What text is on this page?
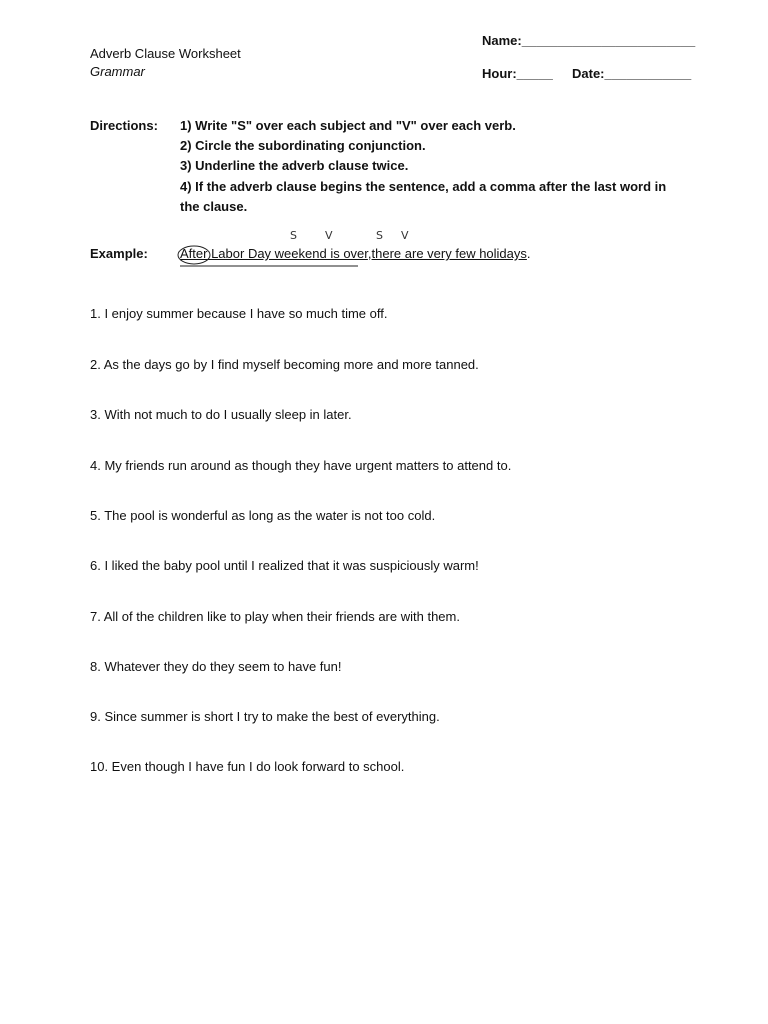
Adverb Clause Worksheet
Grammar
Name:________________________
Hour:_____ Date:____________
Directions: 1) Write "S" over each subject and "V" over each verb.
2) Circle the subordinating conjunction.
3) Underline the adverb clause twice.
4) If the adverb clause begins the sentence, add a comma after the last word in the clause.
S	V	S V
Example: After Labor Day weekend is over,there are very few holidays.
1. I enjoy summer because I have so much time off.
2. As the days go by I find myself becoming more and more tanned.
3. With not much to do I usually sleep in later.
4. My friends run around as though they have urgent matters to attend to.
5. The pool is wonderful as long as the water is not too cold.
6. I liked the baby pool until I realized that it was suspiciously warm!
7. All of the children like to play when their friends are with them.
8. Whatever they do they seem to have fun!
9. Since summer is short I try to make the best of everything.
10. Even though I have fun I do look forward to school.
